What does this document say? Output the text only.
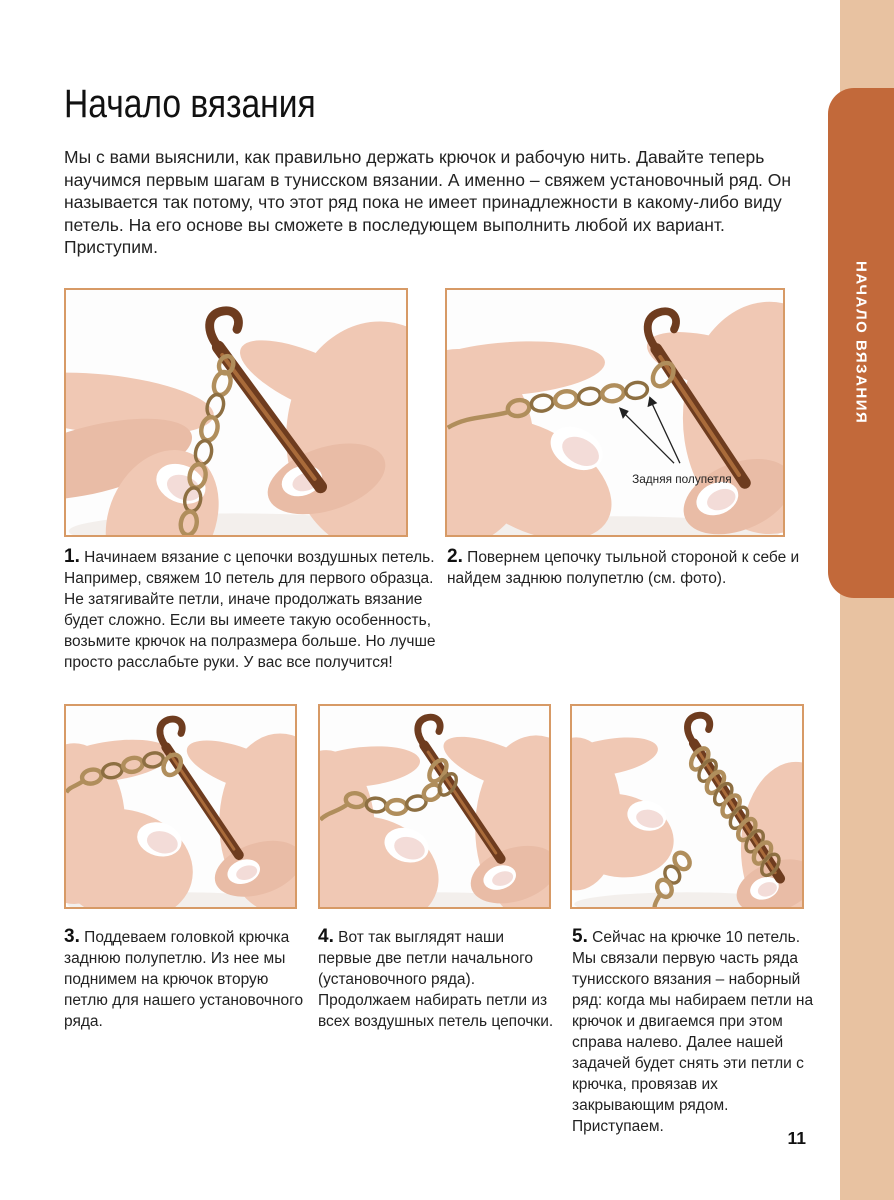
НАЧАЛО ВЯЗАНИЯ
Начало вязания

Мы с вами выяснили, как правильно держать крючок и рабочую нить. Давайте теперь научимся первым шагам в тунисском вязании. А именно – свяжем установочный ряд. Он называется так потому, что этот ряд пока не имеет принадлежности в какому-либо виду петель. На его основе вы сможете в последующем выполнить любой их вариант. Приступим.

Задняя полупетля
1. Начинаем вязание с цепочки воздушных петель. Например, свяжем 10 петель для первого образца. Не затягивайте петли, иначе продолжать вязание будет сложно. Если вы имеете такую особенность, возьмите крючок на полразмера больше. Но лучше просто расслабьте руки. У вас все получится!
2. Повернем цепочку тыльной стороной к себе и найдем заднюю полупетлю (см. фото).
3. Поддеваем головкой крючка заднюю полупетлю. Из нее мы поднимем на крючок вторую петлю для нашего установочного ряда.
4. Вот так выглядят наши первые две петли начального (установочного ряда). Продолжаем набирать петли из всех воздушных петель цепочки.
5. Сейчас на крючке 10 петель. Мы связали первую часть ряда тунисского вязания – наборный ряд: когда мы набираем петли на крючок и двигаемся при этом справа налево. Далее нашей задачей будет снять эти петли с крючка, провязав их закрывающим рядом. Приступаем.
11
